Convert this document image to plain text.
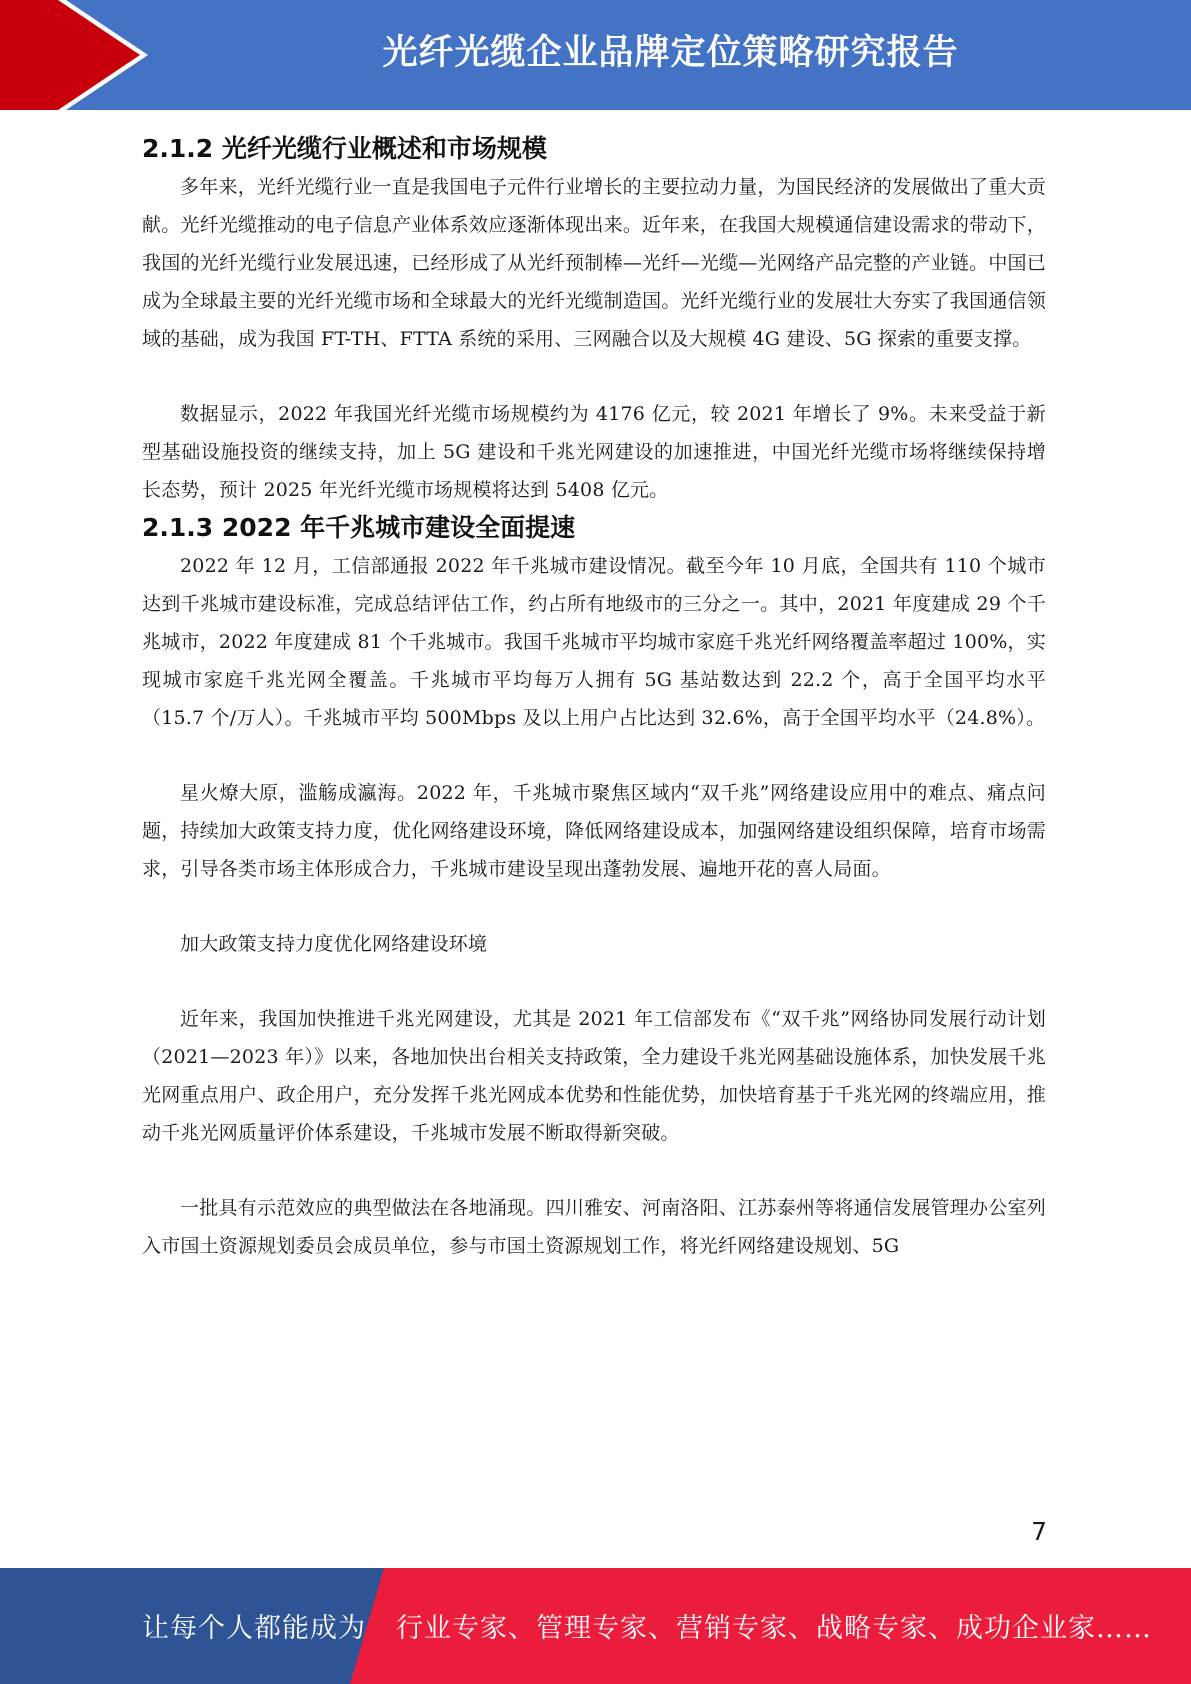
光纤光缆企业品牌定位策略研究报告
2.1.2 光纤光缆行业概述和市场规模

多年来，光纤光缆行业一直是我国电子元件行业增长的主要拉动力量，为国民经济的发展做出了重大贡献。光纤光缆推动的电子信息产业体系效应逐渐体现出来。近年来，在我国大规模通信建设需求的带动下，我国的光纤光缆行业发展迅速，已经形成了从光纤预制棒—光纤—光缆—光网络产品完整的产业链。中国已成为全球最主要的光纤光缆市场和全球最大的光纤光缆制造国。光纤光缆行业的发展壮大夯实了我国通信领域的基础，成为我国 FT-TH、FTTA 系统的采用、三网融合以及大规模 4G 建设、5G 探索的重要支撑。

数据显示，2022 年我国光纤光缆市场规模约为 4176 亿元，较 2021 年增长了 9%。未来受益于新型基础设施投资的继续支持，加上 5G 建设和千兆光网建设的加速推进，中国光纤光缆市场将继续保持增长态势，预计 2025 年光纤光缆市场规模将达到 5408 亿元。

2.1.3 2022 年千兆城市建设全面提速

2022 年 12 月，工信部通报 2022 年千兆城市建设情况。截至今年 10 月底，全国共有 110 个城市达到千兆城市建设标准，完成总结评估工作，约占所有地级市的三分之一。其中，2021 年度建成 29 个千兆城市，2022 年度建成 81 个千兆城市。我国千兆城市平均城市家庭千兆光纤网络覆盖率超过 100%，实现城市家庭千兆光网全覆盖。千兆城市平均每万人拥有 5G 基站数达到 22.2 个，高于全国平均水平（15.7 个/万人）。千兆城市平均 500Mbps 及以上用户占比达到 32.6%，高于全国平均水平（24.8%）。

星火燎大原，滥觞成瀛海。2022 年，千兆城市聚焦区域内“双千兆”网络建设应用中的难点、痛点问题，持续加大政策支持力度，优化网络建设环境，降低网络建设成本，加强网络建设组织保障，培育市场需求，引导各类市场主体形成合力，千兆城市建设呈现出蓬勃发展、遍地开花的喜人局面。

加大政策支持力度优化网络建设环境

近年来，我国加快推进千兆光网建设，尤其是 2021 年工信部发布《“双千兆”网络协同发展行动计划（2021—2023 年）》以来，各地加快出台相关支持政策，全力建设千兆光网基础设施体系，加快发展千兆光网重点用户、政企用户，充分发挥千兆光网成本优势和性能优势，加快培育基于千兆光网的终端应用，推动千兆光网质量评价体系建设，千兆城市发展不断取得新突破。

一批具有示范效应的典型做法在各地涌现。四川雅安、河南洛阳、江苏泰州等将通信发展管理办公室列入市国土资源规划委员会成员单位，参与市国土资源规划工作，将光纤网络建设规划、5G

7
让每个人都能成为 行业专家、管理专家、营销专家、战略专家、成功企业家……
